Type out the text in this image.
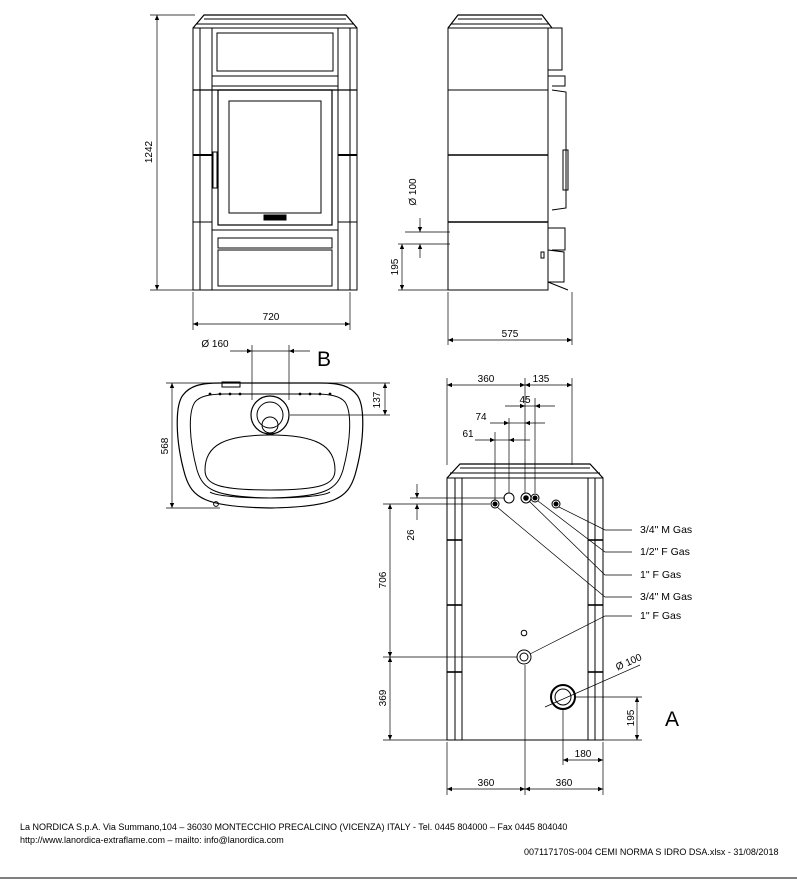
1242
720
Ø 100
195
575
Ø 160
137
568
B
360	135
45
74
61
26
706
369
195
180
360	360
Ø 100
3/4" M Gas
1/2" F Gas
1" F Gas
3/4" M Gas
1" F Gas
A
La NORDICA S.p.A. Via Summano,104 – 36030 MONTECCHIO PRECALCINO (VICENZA) ITALY - Tel. 0445 804000 – Fax 0445 804040
http://www.lanordica-extraflame.com – mailto: info@lanordica.com
007117170S-004 CEMI NORMA S IDRO DSA.xlsx - 31/08/2018
